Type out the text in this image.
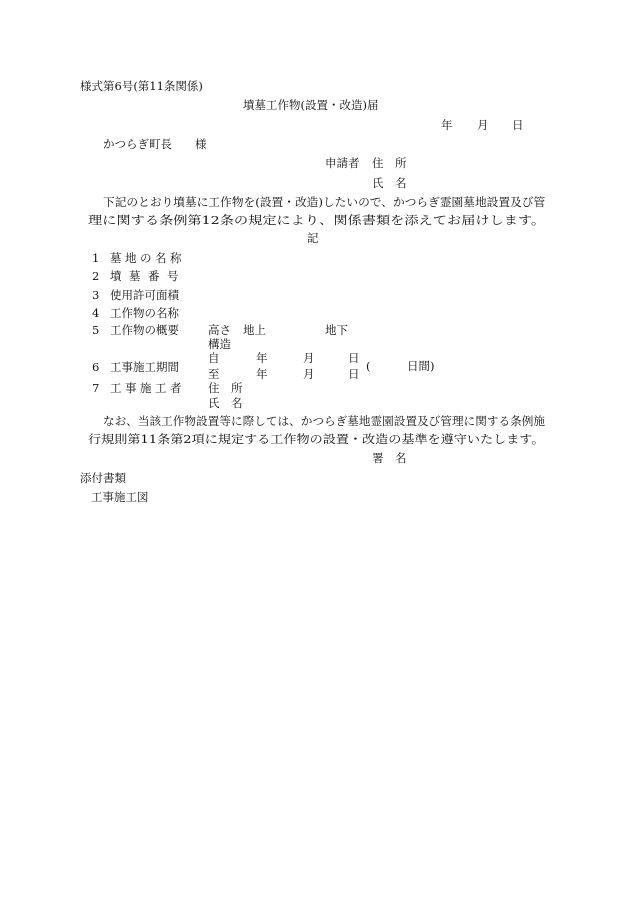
様式第6号(第11条関係)
墳墓工作物(設置・改造)届
年 月 日
かつらぎ町長 様
申請者 住　所
氏　名
下記のとおり墳墓に工作物を(設置・改造)したいので、かつらぎ霊園墓地設置及び管
理に関する条例第12条の規定により、関係書類を添えてお届けします。
記
1 墓地の名称
2 墳墓番号
3 使用許可面積
4 工作物の名称
5 工作物の概要	高さ 地上	地下
構造
6 工事施工期間
自	年	月	日
至	年	月	日
(	日間)
7 工事施工者 住　所
氏　名
なお、当該工作物設置等に際しては、かつらぎ墓地霊園設置及び管理に関する条例施
行規則第11条第2項に規定する工作物の設置・改造の基準を遵守いたします。
署　名
添付書類
工事施工図
